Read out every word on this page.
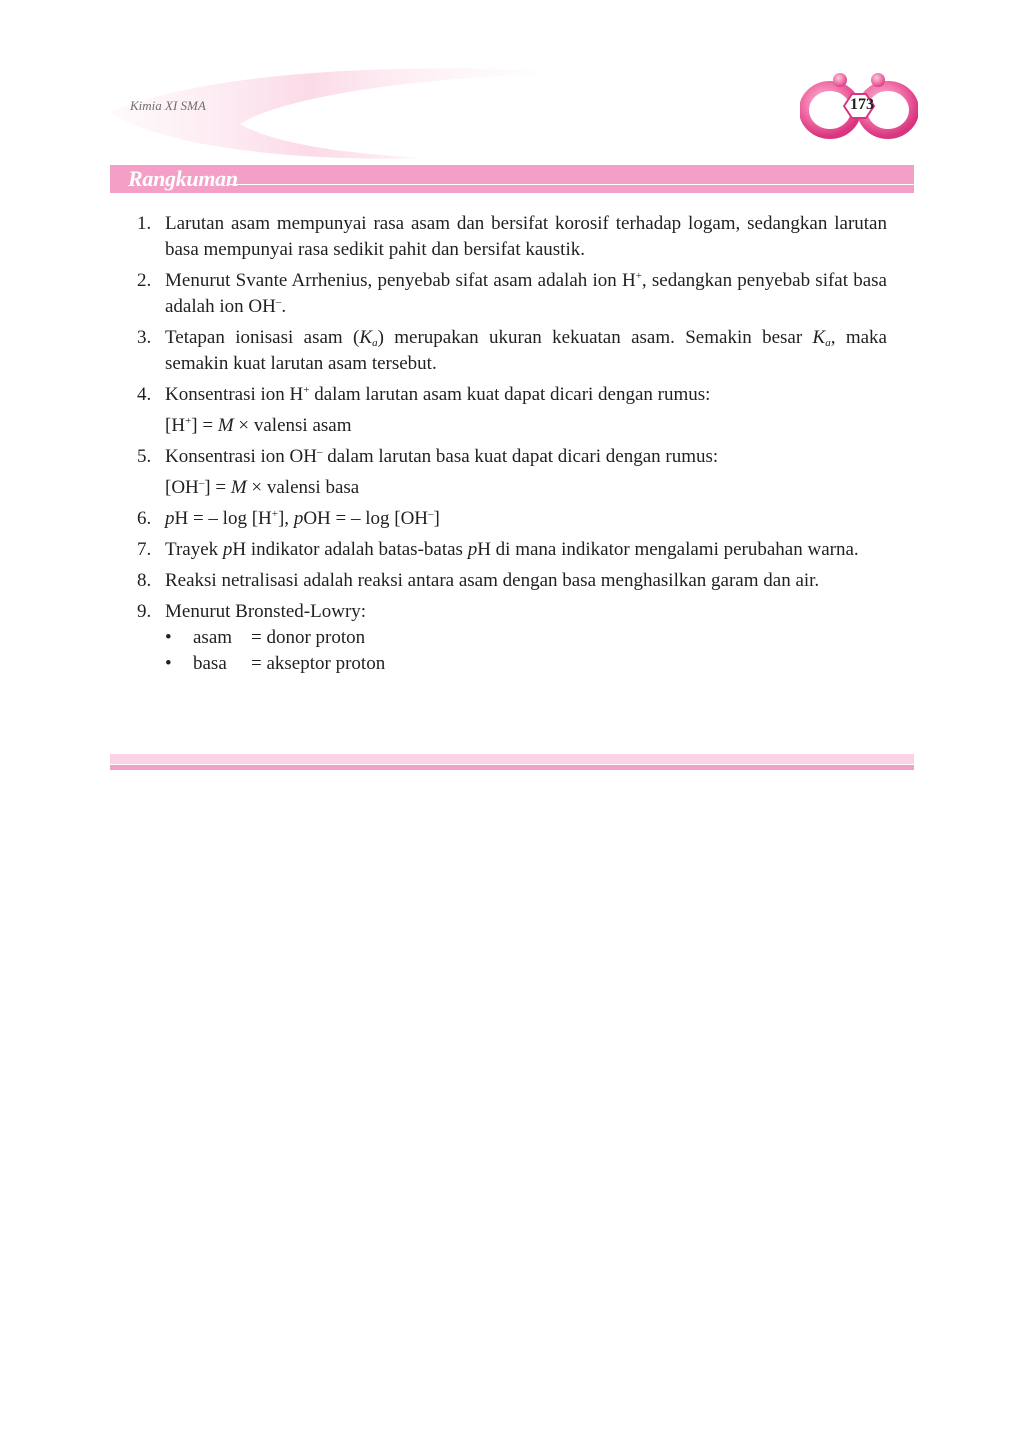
Kimia XI SMA	173
Rangkuman
1. Larutan asam mempunyai rasa asam dan bersifat korosif terhadap logam, sedangkan larutan basa mempunyai rasa sedikit pahit dan bersifat kaustik.
2. Menurut Svante Arrhenius, penyebab sifat asam adalah ion H+, sedangkan penyebab sifat basa adalah ion OH–.
3. Tetapan ionisasi asam $(K_a)$ merupakan ukuran kekuatan asam. Semakin besar $K_a$, maka semakin kuat larutan asam tersebut.
4. Konsentrasi ion H+ dalam larutan asam kuat dapat dicari dengan rumus:
[H+] = M × valensi asam
5. Konsentrasi ion OH– dalam larutan basa kuat dapat dicari dengan rumus:
[OH–] = M × valensi basa
6. pH = – log [H+], pOH = – log [OH–]
7. Trayek pH indikator adalah batas-batas pH di mana indikator mengalami perubahan warna.
8. Reaksi netralisasi adalah reaksi antara asam dengan basa menghasilkan garam dan air.
9. Menurut Bronsted-Lowry:
• asam = donor proton
• basa = akseptor proton
